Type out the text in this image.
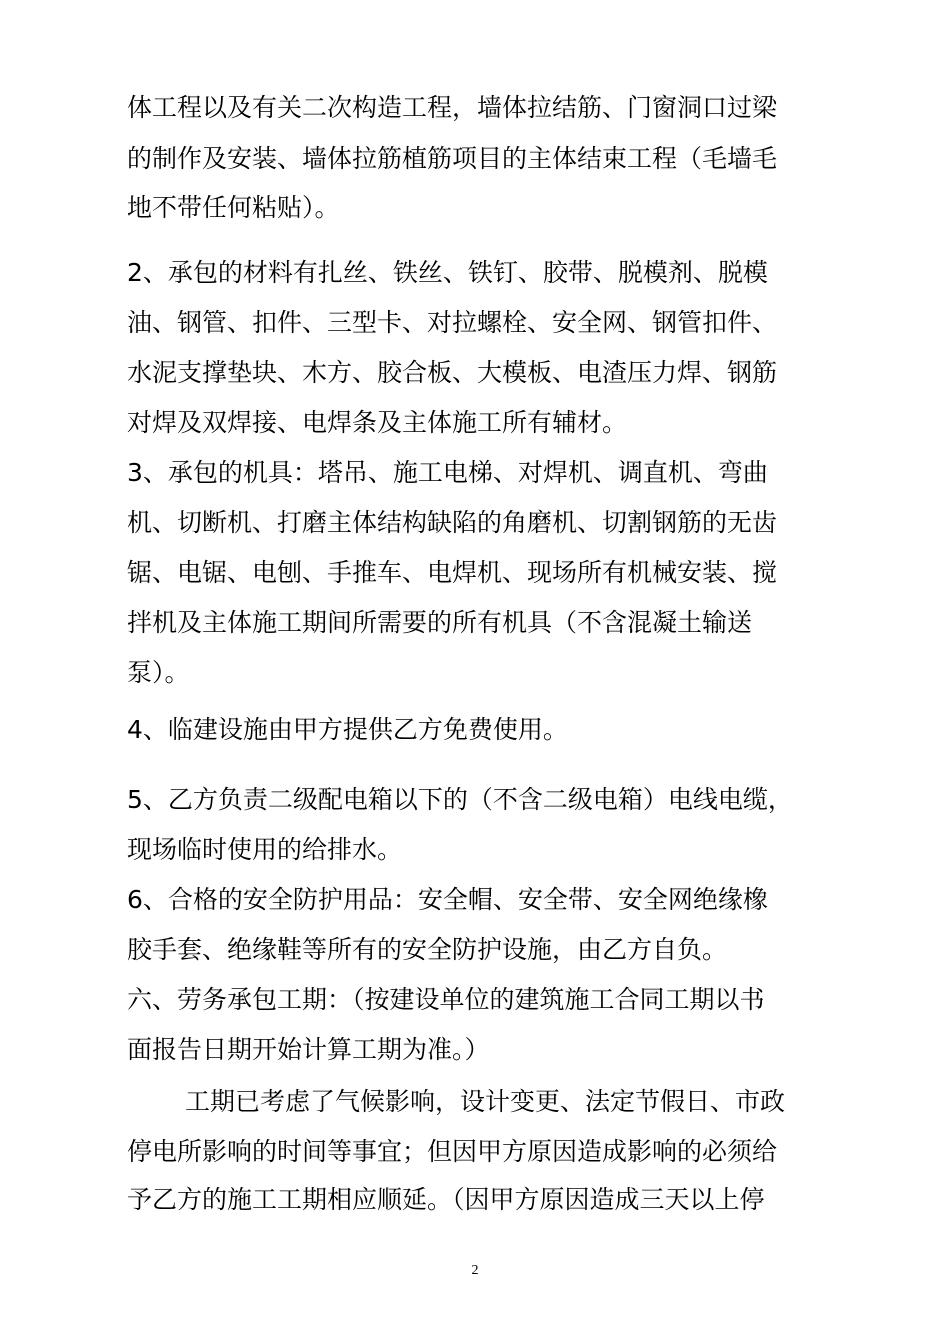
体工程以及有关二次构造工程，墙体拉结筋、门窗洞口过梁
的制作及安装、墙体拉筋植筋项目的主体结束工程（毛墙毛
地不带任何粘贴）。
2、承包的材料有扎丝、铁丝、铁钉、胶带、脱模剂、脱模
油、钢管、扣件、三型卡、对拉螺栓、安全网、钢管扣件、
水泥支撑垫块、木方、胶合板、大模板、电渣压力焊、钢筋
对焊及双焊接、电焊条及主体施工所有辅材。
3、承包的机具：塔吊、施工电梯、对焊机、调直机、弯曲
机、切断机、打磨主体结构缺陷的角磨机、切割钢筋的无齿
锯、电锯、电刨、手推车、电焊机、现场所有机械安装、搅
拌机及主体施工期间所需要的所有机具（不含混凝土输送
泵）。
4、临建设施由甲方提供乙方免费使用。
5、乙方负责二级配电箱以下的（不含二级电箱）电线电缆，
现场临时使用的给排水。
6、合格的安全防护用品：安全帽、安全带、安全网绝缘橡
胶手套、绝缘鞋等所有的安全防护设施，由乙方自负。
六、劳务承包工期：（按建设单位的建筑施工合同工期以书
面报告日期开始计算工期为准。）
工期已考虑了气候影响，设计变更、法定节假日、市政
停电所影响的时间等事宜；但因甲方原因造成影响的必须给
予乙方的施工工期相应顺延。（因甲方原因造成三天以上停
2
